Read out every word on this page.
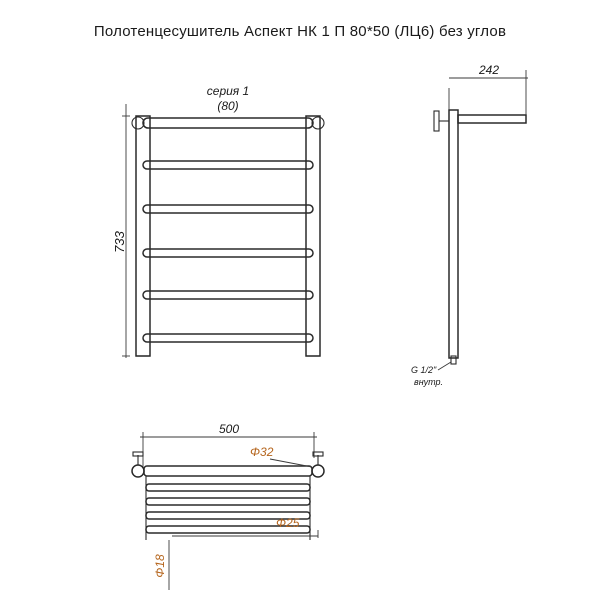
Полотенцесушитель Аспект НК 1 П 80*50 (ЛЦ6) без углов
733
серия 1
(80)
242
G 1/2"
внутр.
500
Φ32
Φ25
Φ18
